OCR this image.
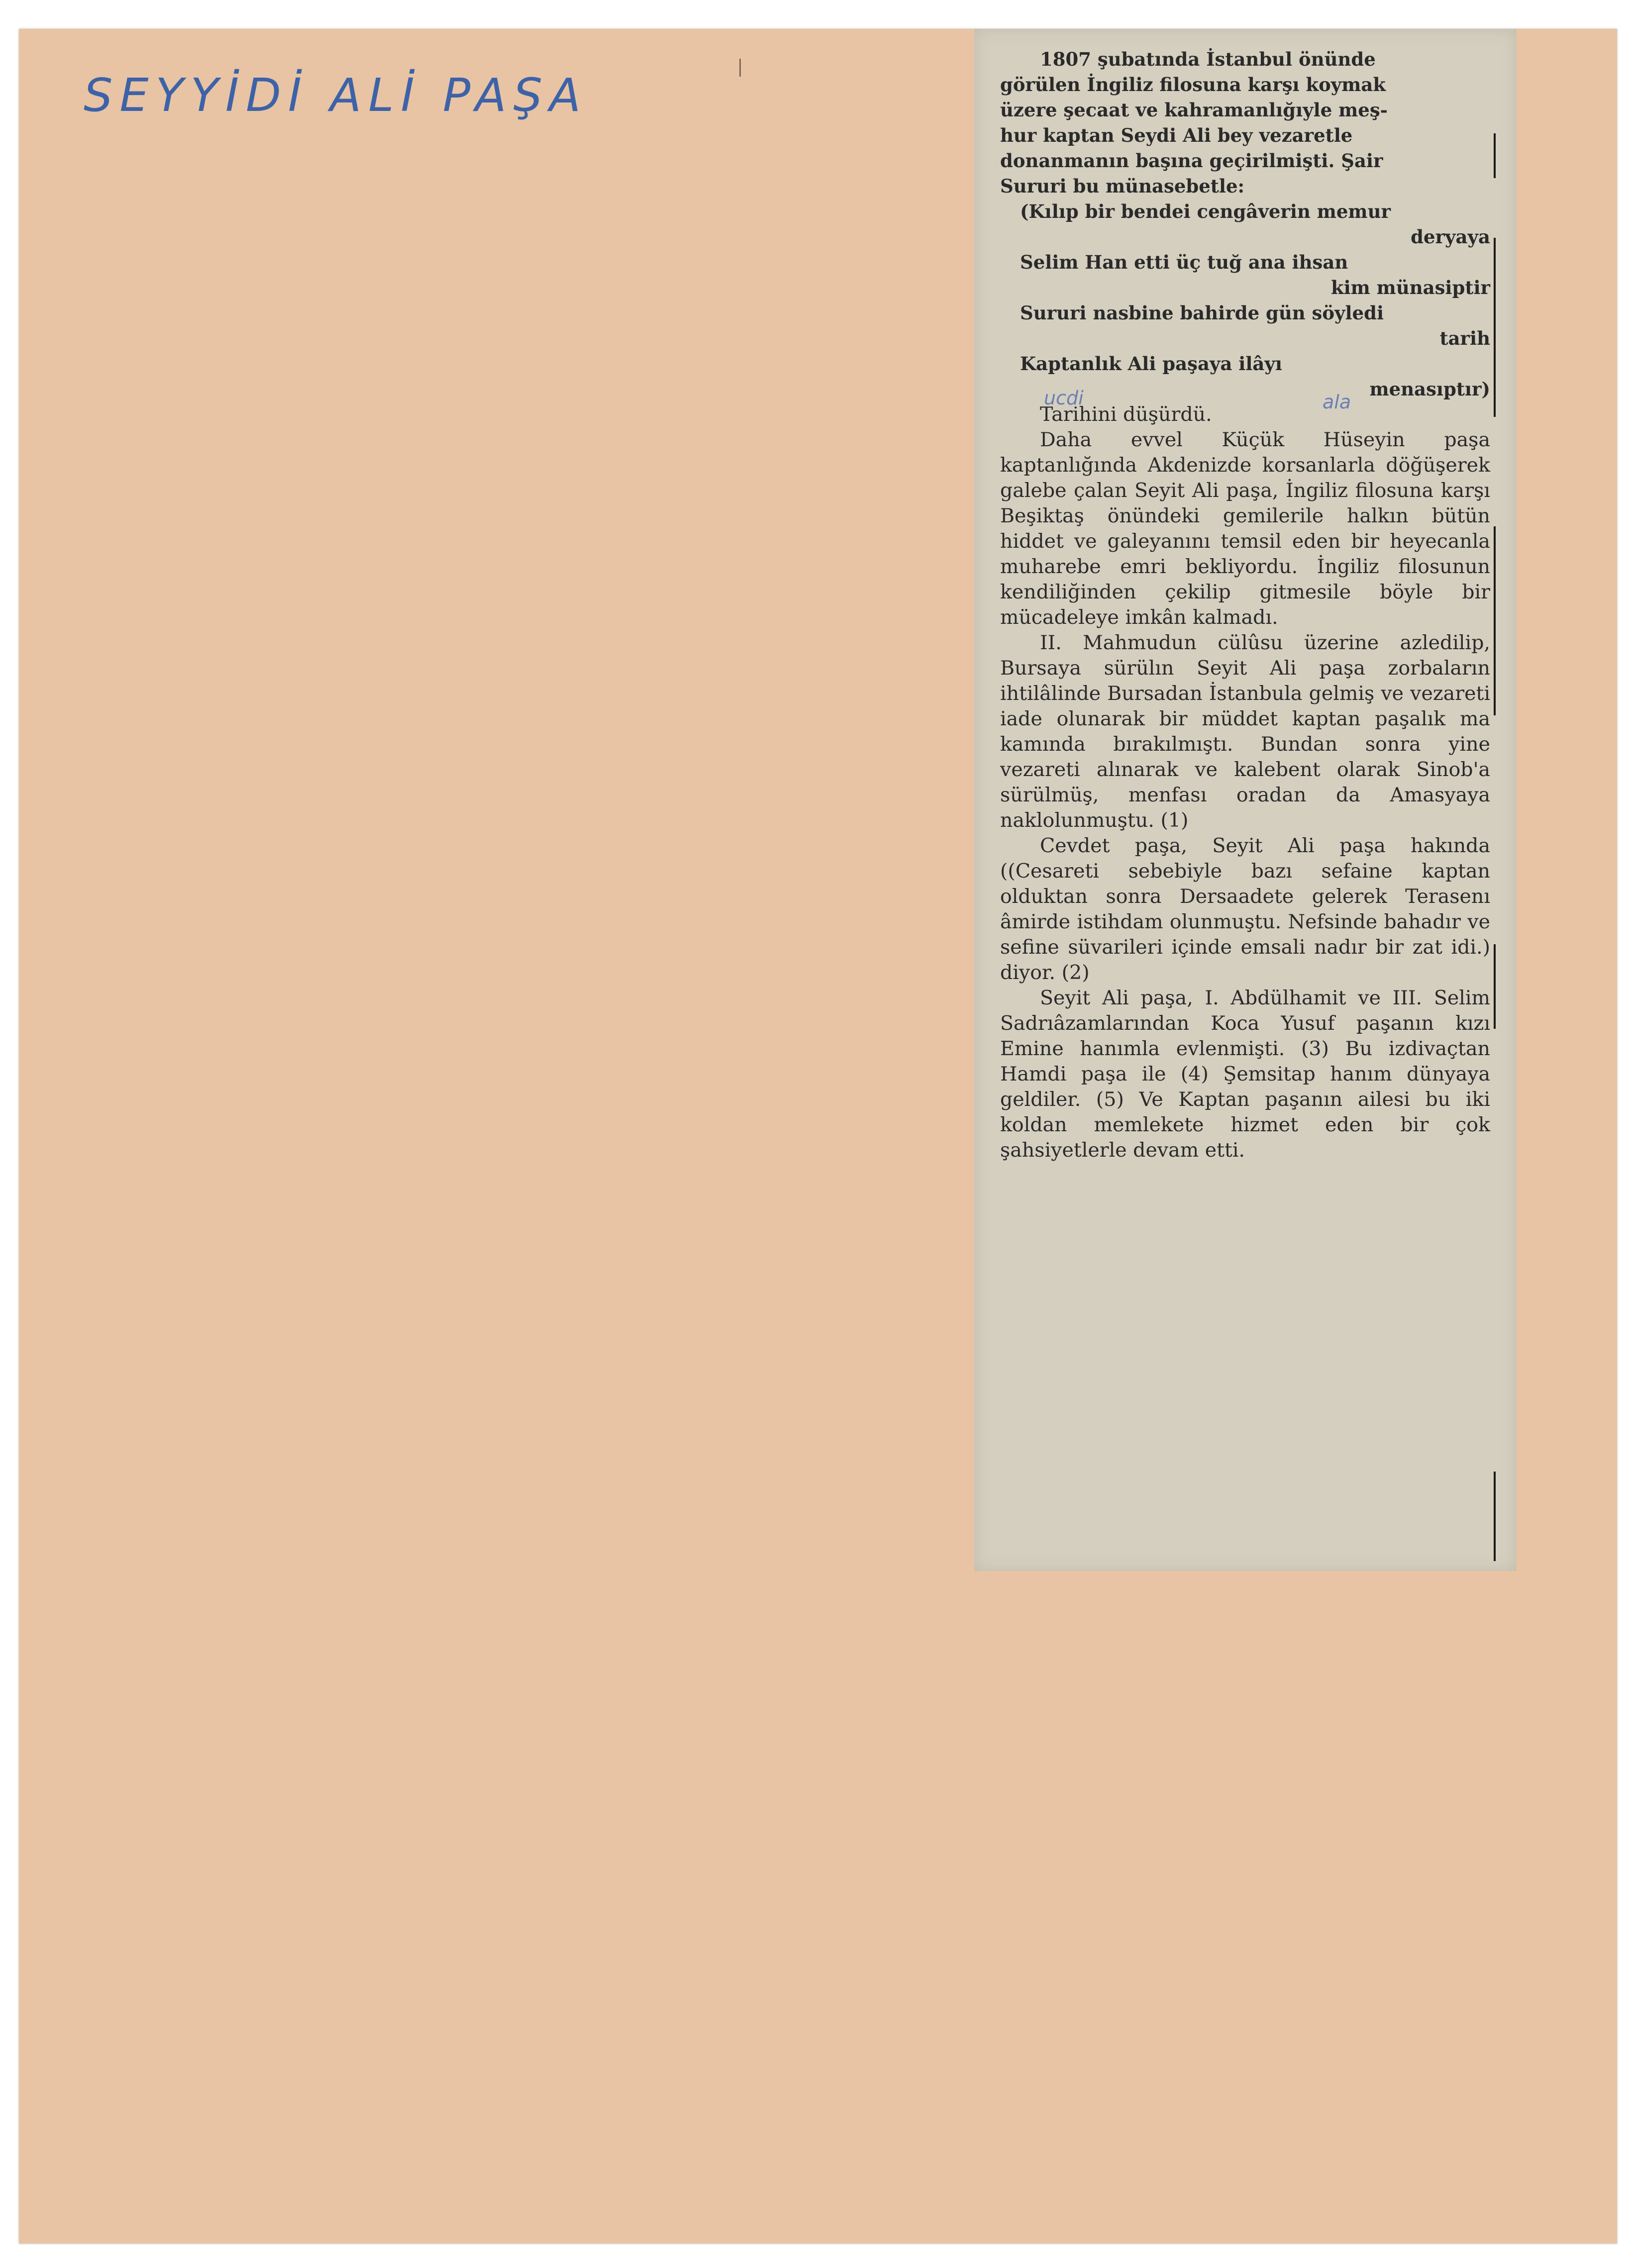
SEYYİDİ ALİ PAŞA

1807 şubatında İstanbul önünde

görülen İngiliz filosuna karşı koymak

üzere şecaat ve kahramanlığıyle meş-

hur kaptan Seydi Ali bey vezaretle

donanmanın başına geçirilmişti. Şair

Sururi bu münasebetle:

(Kılıp bir bendei cengâverin memur

deryaya

Selim Han etti üç tuğ ana ihsan

kim münasiptir

Sururi nasbine bahirde gün söyledi

tarih

Kaptanlık Ali paşaya ilâyı

menasıptır)

Tarihini düşürdü.

Daha evvel Küçük Hüseyin paşa kaptanlığında Akdenizde korsanlarla döğüşerek galebe çalan Seyit Ali paşa, İngiliz filosuna karşı Beşiktaş önündeki gemilerile halkın bütün hiddet ve galeyanını temsil eden bir heyecanla muharebe emri bekliyordu. İngiliz filosunun kendiliğinden çekilip gitmesile böyle bir mücadeleye imkân kalmadı.

II. Mahmudun cülûsu üzerine azledilip, Bursaya sürülın Seyit Ali paşa zorbaların ihtilâlinde Bursadan İstanbula gelmiş ve vezareti iade olunarak bir müddet kaptan paşalık ma kamında bırakılmıştı. Bundan sonra yine vezareti alınarak ve kalebent olarak Sinob'a sürülmüş, menfası oradan da Amasyaya naklolunmuştu. (1)

Cevdet paşa, Seyit Ali paşa hakında ((Cesareti sebebiyle bazı sefaine kaptan olduktan sonra Dersaadete gelerek Terasenı âmirde istihdam olunmuştu. Nefsinde bahadır ve sefine süvarileri içinde emsali nadır bir zat idi.) diyor. (2)

Seyit Ali paşa, I. Abdülhamit ve III. Selim Sadrıâzamlarından Koca Yusuf paşanın kızı Emine hanımla evlenmişti. (3) Bu izdivaçtan Hamdi paşa ile (4) Şemsitap hanım dünyaya geldiler. (5) Ve Kaptan paşanın ailesi bu iki koldan memlekete hizmet eden bir çok şahsiyetlerle devam etti.

ucdi	ala
